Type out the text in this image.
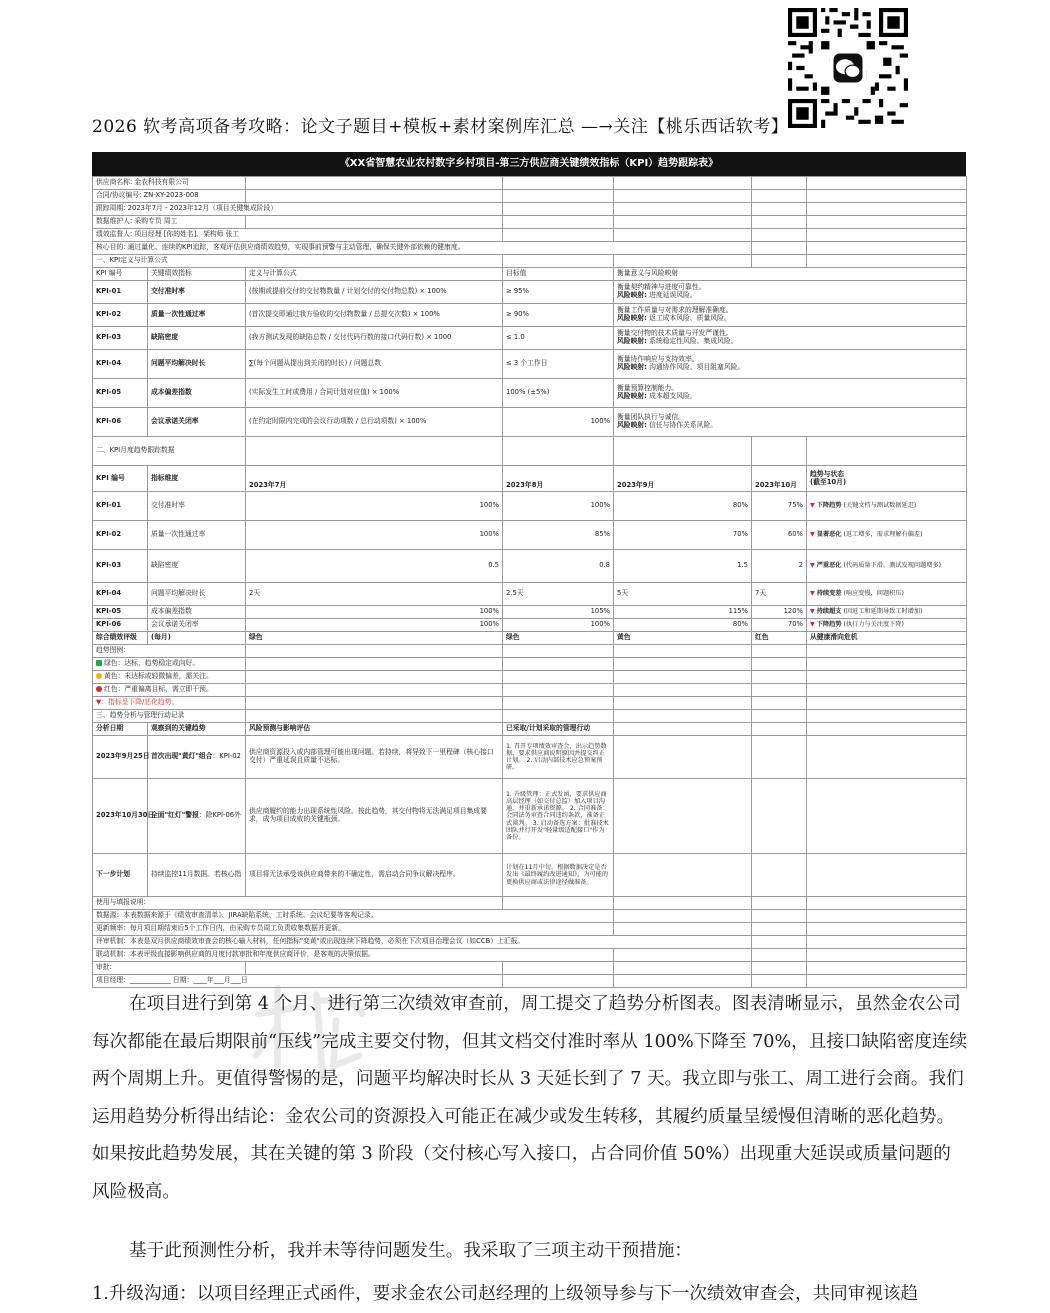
2026 软考高项备考攻略：论文子题目+模板+素材案例库汇总 —→关注【桃乐西话软考】
《XX省智慧农业农村数字乡村项目-第三方供应商关键绩效指标（KPI）趋势跟踪表》
供应商名称: 金农科技有限公司						
合同/协议编号: ZN-XY-2023-008						
跟踪周期: 2023年7月 - 2023年12月（项目关键集成阶段）						
数据维护人: 采购专员 周工						
绩效监督人: 项目经理 [你的姓名]、架构师 张工						
核心目的: 通过量化、连续的KPI追踪，客观评估供应商绩效趋势，实现事前预警与主动管理，确保关键外部依赖的健康度。						
一、KPI定义与计算公式						
KPI 编号	关键绩效指标	定义与计算公式	目标值	衡量意义与风险映射		
KPI-01	交付准时率	(按期或提前交付的交付物数量 / 计划交付的交付物总数) × 100%	≥ 95%	衡量契约精神与进度可靠性。
风险映射: 进度延误风险。		

KPI-02	质量一次性通过率	(首次提交即通过我方验收的交付物数量 / 总提交次数) × 100%	≥ 90%	衡量工作质量与对需求的理解准确度。
风险映射: 返工成本风险、质量风险。		

KPI-03	缺陷密度	(我方测试发现的缺陷总数 / 交付代码行数的接口代码行数) × 1000	≤ 1.0	衡量交付物的技术质量与开发严谨性。
风险映射: 系统稳定性风险、集成风险。		

KPI-04	问题平均解决时长	∑(每个问题从提出到关闭的时长) / 问题总数	≤ 3 个工作日	衡量协作响应与支持效率。
风险映射: 沟通协作风险、项目阻塞风险。		

KPI-05	成本偏差指数	(实际发生工时或费用 / 合同计划对应值) × 100%	100% (±5%)	衡量预算控制能力。
风险映射: 成本超支风险。		

KPI-06	会议承诺关闭率	(在约定时限内完成的会议行动项数 / 总行动项数) × 100%	100%	衡量团队执行与诚信。
风险映射: 信任与协作关系风险。		

二、KPI月度趋势跟踪数据						
KPI 编号	指标维度	2023年7月	2023年8月	2023年9月	2023年10月	趋势与状态
(截至10月)

KPI-01	交付准时率	100%	100%	80%	75%	▼ 下降趋势 (关键文档与测试数据延迟)
KPI-02	质量一次性通过率	100%	85%	70%	60%	▼ 显著恶化 (返工增多，需求理解有偏差)
KPI-03	缺陷密度	0.5	0.8	1.5	2	▼ 严重恶化 (代码质量下滑，测试发现问题增多)
KPI-04	问题平均解决时长	2天	2.5天	5天	7天	▼ 持续变差 (响应变慢，问题积压)
KPI-05	成本偏差指数	100%	105%	115%	120%	▼ 持续超支 (因返工和延期导致工时增加)
KPI-06	会议承诺关闭率	100%	100%	80%	70%	▼ 下降趋势 (执行力与关注度下降)
综合绩效评级	(每月)	绿色	绿色	黄色	红色	从健康滑向危机
趋势图例:						
绿色：达标，趋势稳定或向好。						
黄色：未达标或轻微偏差，需关注。						
红色：严重偏离目标，需立即干预。						
▼：指标呈下降/恶化趋势。						
三、趋势分析与管理行动记录						
分析日期	观察到的关键趋势	风险预测与影响评估	已采取/计划采取的管理行动			
2023年9月25日	首次出现"黄灯"组合：KPI-02	供应商资源投入或内部管理可能出现问题。若持续，将导致下一里程碑（核心接口交付）严重延误且质量不达标。	1. 召开专项绩效审查会，出示趋势数据，要求供应商说明原因并提交纠正计划。 2. 启动内部技术应急预案预研。			
2023年10月30日	全面"红灯"警报：除KPI-06外	供应商履约的能力出现系统性风险。按此趋势，其交付物将无法满足项目集成要求，成为项目成败的关键瓶颈。	1. 升级管理：正式发函，要求供应商高层经理（如交付总监）加入项目沟通，并重新承诺资源。 2. 合同准备：会同法务审查合同违约条款，准备正式谈判。 3. 启动备选方案：批准技术团队并行开发"轻量级适配接口"作为备份。			
下一步计划	持续监控11月数据。若核心指	项目将无法承受该供应商带来的不确定性，需启动合同争议解决程序。	计划在11月中旬，根据数据决定是否发出《最终履约改进通知》，为可能的更换供应商或法律途径做准备。			
使用与填报说明:						
数据源：本表数据来源于《绩效审查清单》、JIRA缺陷系统、工时系统、会议纪要等客观记录。						
更新频率：每月项目期结束后5个工作日内，由采购专员周工负责收集数据并更新。						
评审机制：本表是双月供应商绩效审查会的核心输入材料，任何指标"变黄"或出现连续下降趋势，必须在下次项目治理会议（如CCB）上汇报。						
联动机制：本表评级直接影响供应商的月度付款审批和年度供应商评价，是客观的决策依据。						
审批:						
项目经理：____________ 日期：____年___月___日						

在项目进行到第 4 个月、进行第三次绩效审查前，周工提交了趋势分析图表。图表清晰显示，虽然金农公司每次都能在最后期限前“压线”完成主要交付物，但其文档交付准时率从 100%下降至 70%，且接口缺陷密度连续两个周期上升。更值得警惕的是，问题平均解决时长从 3 天延长到了 7 天。我立即与张工、周工进行会商。我们运用趋势分析得出结论：金农公司的资源投入可能正在减少或发生转移，其履约质量呈缓慢但清晰的恶化趋势。如果按此趋势发展，其在关键的第 3 阶段（交付核心写入接口，占合同价值 50%）出现重大延误或质量问题的风险极高。

基于此预测性分析，我并未等待问题发生。我采取了三项主动干预措施：

1.升级沟通：以项目经理正式函件，要求金农公司赵经理的上级领导参与下一次绩效审查会，共同审视该趋
